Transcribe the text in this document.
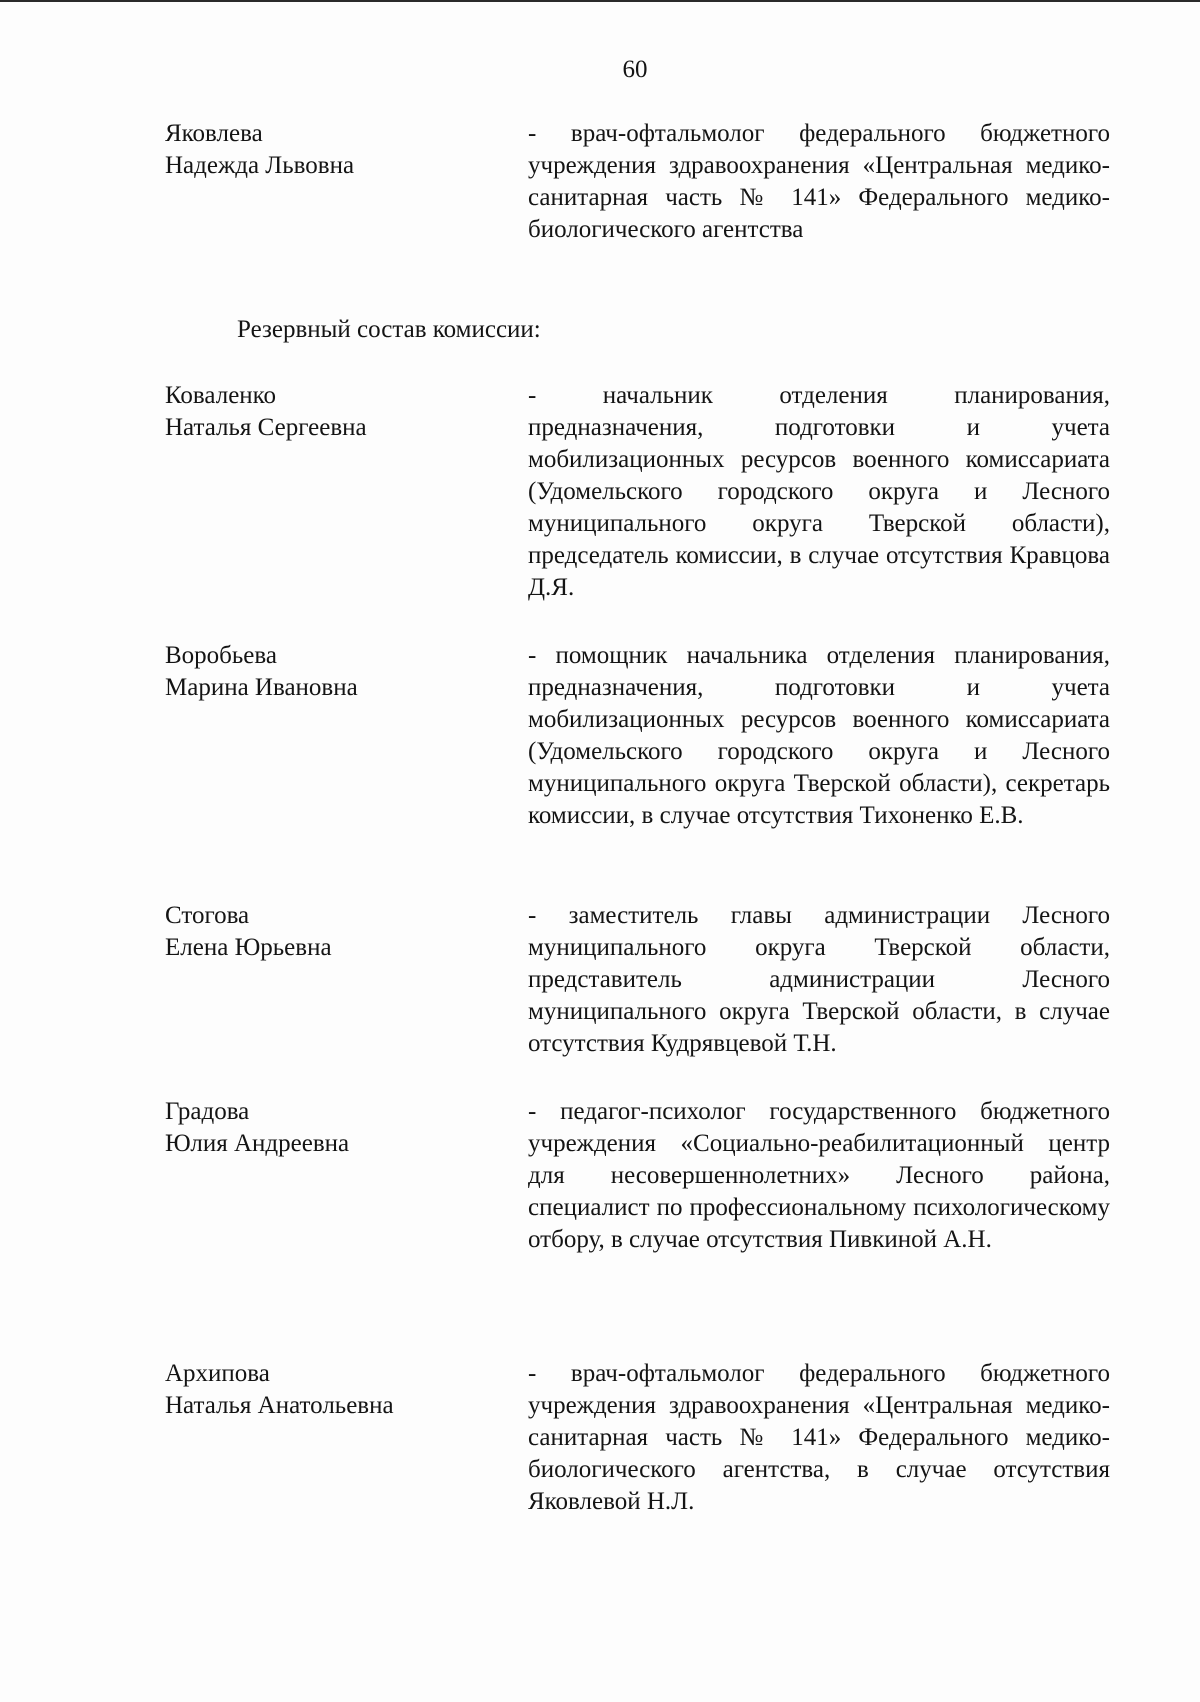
60
Яковлева
Надежда Львовна
- врач-офтальмолог федерального бюджетного учреждения здравоохранения «Центральная медико-санитарная часть № 141» Федерального медико-биологического агентства
Резервный состав комиссии:
Коваленко
Наталья Сергеевна
- начальник отделения планирования, предназначения, подготовки и учета мобилизационных ресурсов военного комиссариата (Удомельского городского округа и Лесного муниципального округа Тверской области), председатель комиссии, в случае отсутствия Кравцова Д.Я.
Воробьева
Марина Ивановна
- помощник начальника отделения планирования, предназначения, подготовки и учета мобилизационных ресурсов военного комиссариата (Удомельского городского округа и Лесного муниципального округа Тверской области), секретарь комиссии, в случае отсутствия Тихоненко Е.В.
Стогова
Елена Юрьевна
- заместитель главы администрации Лесного муниципального округа Тверской области, представитель администрации Лесного муниципального округа Тверской области, в случае отсутствия Кудрявцевой Т.Н.
Градова
Юлия Андреевна
- педагог-психолог государственного бюджетного учреждения «Социально-реабилитационный центр для несовершеннолетних» Лесного района, специалист по профессиональному психологическому отбору, в случае отсутствия Пивкиной А.Н.
Архипова
Наталья Анатольевна
- врач-офтальмолог федерального бюджетного учреждения здравоохранения «Центральная медико-санитарная часть № 141» Федерального медико-биологического агентства, в случае отсутствия Яковлевой Н.Л.
